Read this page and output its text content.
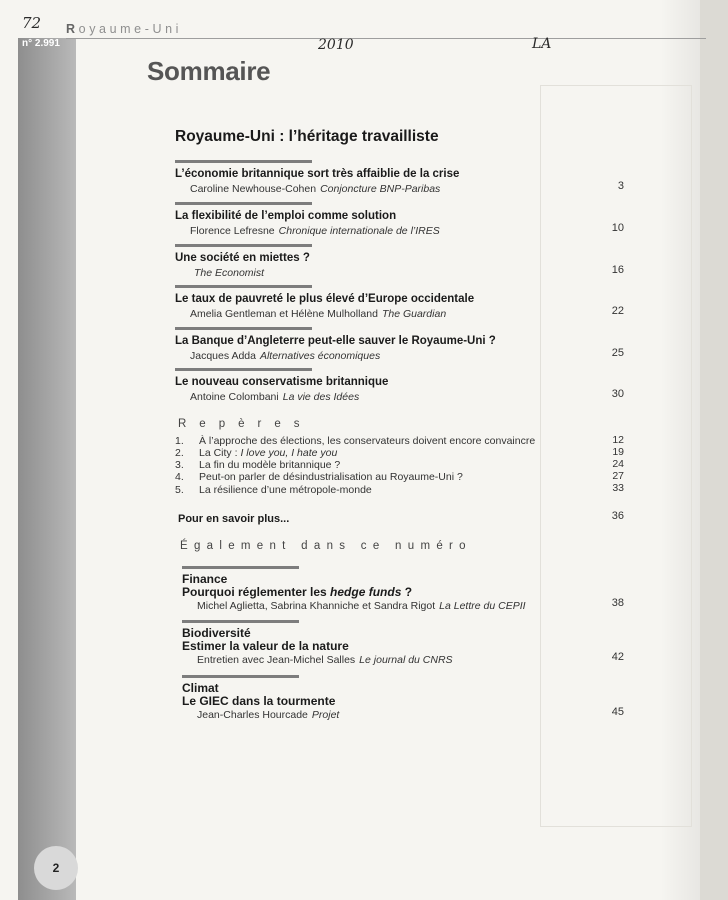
n° 2.991
2
Royaume-Uni
72
2010	LA
Sommaire
Royaume-Uni : l’héritage travailliste
L’économie britannique sort très affaiblie de la crise
Caroline Newhouse-Cohen Conjoncture BNP-Paribas	3
La flexibilité de l’emploi comme solution
Florence Lefresne Chronique internationale de l’IRES	10
Une société en miettes ?
The Economist	16
Le taux de pauvreté le plus élevé d’Europe occidentale
Amelia Gentleman et Hélène Mulholland The Guardian	22
La Banque d’Angleterre peut-elle sauver le Royaume-Uni ?
Jacques Adda Alternatives économiques	25
Le nouveau conservatisme britannique
Antoine Colombani La vie des Idées	30
Repères
1. À l’approche des élections, les conservateurs doivent encore convaincre	12
2. La City : I love you, I hate you	19
3. La fin du modèle britannique ?	24
4. Peut-on parler de désindustrialisation au Royaume-Uni ?	27
5. La résilience d’une métropole-monde	33
Pour en savoir plus...	36
Également dans ce numéro
Finance
Pourquoi réglementer les hedge funds ?
Michel Aglietta, Sabrina Khanniche et Sandra Rigot La Lettre du CEPII	38
Biodiversité
Estimer la valeur de la nature
Entretien avec Jean-Michel Salles Le journal du CNRS	42
Climat
Le GIEC dans la tourmente
Jean-Charles Hourcade Projet	45
